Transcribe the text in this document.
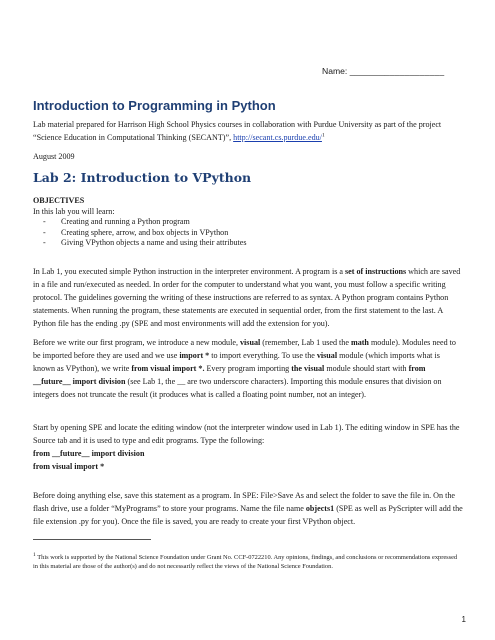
Name: ___________________
Introduction to Programming in Python
Lab material prepared for Harrison High School Physics courses in collaboration with Purdue University as part of the project “Science Education in Computational Thinking (SECANT)”, http://secant.cs.purdue.edu/$^1$
August 2009
Lab 2: Introduction to VPython
OBJECTIVES
In this lab you will learn:
- Creating and running a Python program
- Creating sphere, arrow, and box objects in VPython
- Giving VPython objects a name and using their attributes
In Lab 1, you executed simple Python instruction in the interpreter environment. A program is a set of instructions which are saved in a file and run/executed as needed. In order for the computer to understand what you want, you must follow a specific writing protocol. The guidelines governing the writing of these instructions are referred to as syntax. A Python program contains Python statements. When running the program, these statements are executed in sequential order, from the first statement to the last. A Python file has the ending .py (SPE and most environments will add the extension for you).
Before we write our first program, we introduce a new module, visual (remember, Lab 1 used the math module). Modules need to be imported before they are used and we use import * to import everything. To use the visual module (which imports what is known as VPython), we write from visual import *. Every program importing the visual module should start with from __future__ import division (see Lab 1, the __ are two underscore characters). Importing this module ensures that division on integers does not truncate the result (it produces what is called a floating point number, not an integer).
Start by opening SPE and locate the editing window (not the interpreter window used in Lab 1). The editing window in SPE has the Source tab and it is used to type and edit programs. Type the following:
from __future__ import division
from visual import *
Before doing anything else, save this statement as a program. In SPE: File>Save As and select the folder to save the file in. On the flash drive, use a folder “MyPrograms” to store your programs. Name the file name objects1 (SPE as well as PyScripter will add the file extension .py for you). Once the file is saved, you are ready to create your first VPython object.
1 This work is supported by the National Science Foundation under Grant No. CCF-0722210. Any opinions, findings, and conclusions or recommendations expressed in this material are those of the author(s) and do not necessarily reflect the views of the National Science Foundation.
1
